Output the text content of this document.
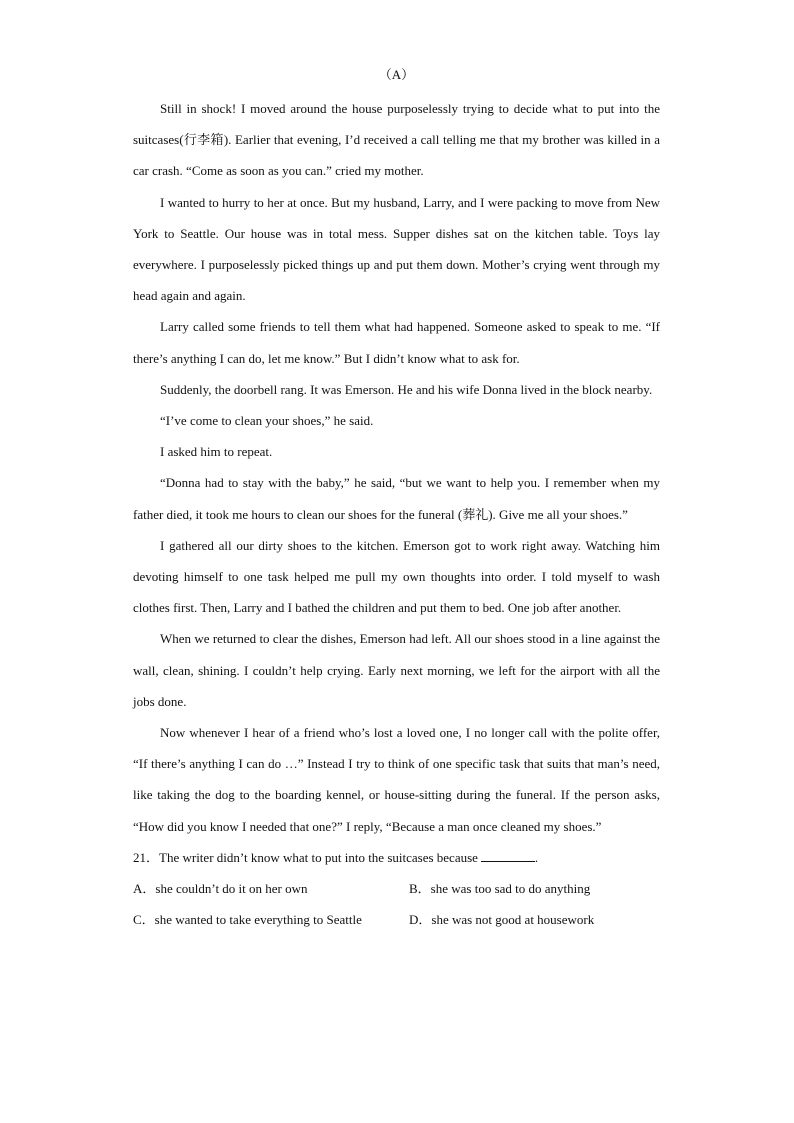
（A）

Still in shock! I moved around the house purposelessly trying to decide what to put into the suitcases(行李箱). Earlier that evening, I’d received a call telling me that my brother was killed in a car crash. “Come as soon as you can.” cried my mother.

I wanted to hurry to her at once. But my husband, Larry, and I were packing to move from New York to Seattle. Our house was in total mess. Supper dishes sat on the kitchen table. Toys lay everywhere. I purposelessly picked things up and put them down. Mother’s crying went through my head again and again.

Larry called some friends to tell them what had happened. Someone asked to speak to me. “If there’s anything I can do, let me know.” But I didn’t know what to ask for.

Suddenly, the doorbell rang. It was Emerson. He and his wife Donna lived in the block nearby.

“I’ve come to clean your shoes,” he said.

I asked him to repeat.

“Donna had to stay with the baby,” he said, “but we want to help you. I remember when my father died, it took me hours to clean our shoes for the funeral (葬礼). Give me all your shoes.”

I gathered all our dirty shoes to the kitchen. Emerson got to work right away. Watching him devoting himself to one task helped me pull my own thoughts into order. I told myself to wash clothes first. Then, Larry and I bathed the children and put them to bed. One job after another.

When we returned to clear the dishes, Emerson had left. All our shoes stood in a line against the wall, clean, shining. I couldn’t help crying. Early next morning, we left for the airport with all the jobs done.

Now whenever I hear of a friend who’s lost a loved one, I no longer call with the polite offer, “If there’s anything I can do …” Instead I try to think of one specific task that suits that man’s need, like taking the dog to the boarding kennel, or house-sitting during the funeral. If the person asks, “How did you know I needed that one?” I reply, “Because a man once cleaned my shoes.”

21．The writer didn’t know what to put into the suitcases because	.

A．she couldn’t do it on her own	B．she was too sad to do anything
C．she wanted to take everything to Seattle	D．she was not good at housework
